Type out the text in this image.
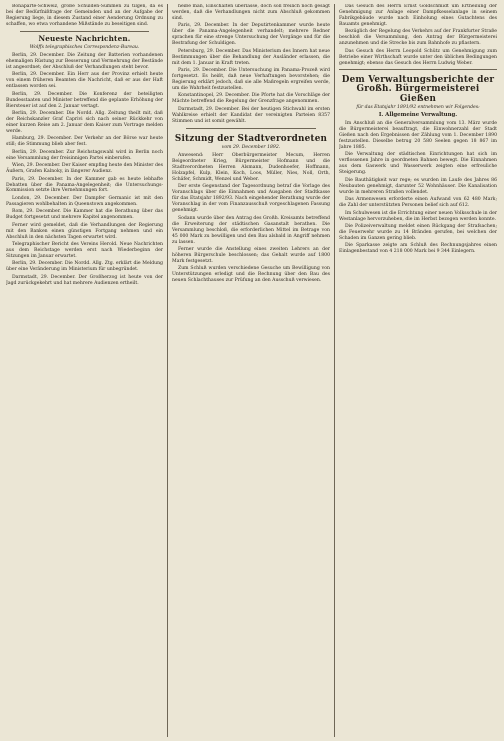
Bonaparte-Schweiz, große Schulden-Summen zu tilgen, da es bei der Bedürfnißfrage der Gemeinden und an der Aufgabe der Regierung liege, in diesem Zustand einer Aenderung Ordnung zu schaffen, wo etwa vorhandene Mißstände zu beseitigen sind.

Neueste Nachrichten.
Wolffs telegraphisches Correspondenz-Bureau.

Berlin, 29. December. Die Zeitung der Batterien vorhandenen ehemaligen Rüstung zur Besserung und Vermehrung der Bestände ist angeordnet; der Abschluß der Verhandlungen steht bevor.

Berlin, 29. December. Ein Herr aus der Provinz erhielt heute von einem früheren Beamten die Nachricht, daß er aus der Haft entlassen worden sei.

Berlin, 29. December. Die Konferenz der beteiligten Bundesstaaten und Minister betreffend die geplante Erhöhung der Biersteuer ist auf den 2. Januar vertagt.

Berlin, 29. December. Die Nordd. Allg. Zeitung theilt mit, daß der Reichskanzler Graf Caprivi sich nach seiner Rückkehr von einer kurzen Reise am 2. Januar dem Kaiser zum Vortrage melden werde.

Hamburg, 29. December. Der Verkehr an der Börse war heute still; die Stimmung blieb aber fest.

Berlin, 29. December. Zur Reichstagswahl wird in Berlin noch eine Versammlung der freisinnigen Partei einberufen.

Wien, 29. December. Der Kaiser empfing heute den Minister des Äußern, Grafen Kalnoky, in längerer Audienz.

Paris, 29. December. In der Kammer gab es heute lebhafte Debatten über die Panama-Angelegenheit; die Untersuchungs-Kommission setzte ihre Vernehmungen fort.

London, 29. December. Der Dampfer Germanic ist mit den Passagieren wohlbehalten in Queenstown angekommen.

Rom, 29. December. Die Kammer hat die Berathung über das Budget fortgesetzt und mehrere Kapitel angenommen.

Ferner wird gemeldet, daß die Verhandlungen der Regierung mit den Banken einen günstigen Fortgang nehmen und ein Abschluß in den nächsten Tagen erwartet wird.

Telegraphischer Bericht des Vereins Herold. Neue Nachrichten aus dem Reichstage werden erst nach Wiederbeginn der Sitzungen im Januar erwartet.

Berlin, 29. December. Die Nordd. Allg. Ztg. erklärt die Meldung über eine Veränderung im Ministerium für unbegründet.

Darmstadt, 29. December. Der Großherzog ist heute von der Jagd zurückgekehrt und hat mehrere Audienzen ertheilt.

heiße man, Einschalten überlasse, doch soll freilich noch gesagt werden, daß die Verhandlungen nicht zum Abschluß gekommen sind.

Paris, 29. December. In der Deputirtenkammer wurde heute über die Panama-Angelegenheit verhandelt; mehrere Redner sprachen für eine strenge Untersuchung der Vorgänge und für die Bestrafung der Schuldigen.

Petersburg, 29. December. Das Ministerium des Innern hat neue Bestimmungen über die Behandlung der Ausländer erlassen, die mit dem 1. Januar in Kraft treten.

Paris, 29. December. Die Untersuchung im Panama-Prozeß wird fortgesetzt. Es heißt, daß neue Verhaftungen bevorstehen; die Regierung erklärt jedoch, daß sie alle Maßregeln ergreifen werde, um die Wahrheit festzustellen.

Konstantinopel, 29. December. Die Pforte hat die Vorschläge der Mächte betreffend die Regelung der Grenzfrage angenommen.

Darmstadt, 29. December. Bei der heutigen Stichwahl im ersten Wahlkreise erhielt der Kandidat der vereinigten Parteien 8357 Stimmen und ist somit gewählt.

Sitzung der Stadtverordneten
vom 29. December 1892.

Anwesend: Herr Oberbürgermeister Mecum, Herren Beigeordneter Krieg, Bürgermeister Hofmann und die Stadtverordneten Herren Alsmann, Dudenhoefer, Hoffmann, Holzapfel, Kulp, Klein, Koch, Loos, Müller, Nies, Noll, Orth, Schäfer, Schmidt, Wenzel und Weber.

Der erste Gegenstand der Tagesordnung betraf die Vorlage des Voranschlags über die Einnahmen und Ausgaben der Stadtkasse für das Etatsjahr 1892/93. Nach eingehender Berathung wurde der Voranschlag in der vom Finanzausschuß vorgeschlagenen Fassung genehmigt.

Sodann wurde über den Antrag des Großh. Kreisamts betreffend die Erweiterung der städtischen Gasanstalt berathen. Die Versammlung beschloß, die erforderlichen Mittel im Betrage von 45 000 Mark zu bewilligen und den Bau alsbald in Angriff nehmen zu lassen.

Ferner wurde die Anstellung eines zweiten Lehrers an der höheren Bürgerschule beschlossen; das Gehalt wurde auf 1800 Mark festgesetzt.

Zum Schluß wurden verschiedene Gesuche um Bewilligung von Unterstützungen erledigt und die Rechnung über den Bau des neuen Schlachthauses zur Prüfung an den Ausschuß verwiesen.

Das Gesuch des Herrn Ernst Goldschmidt um Ertheilung der Genehmigung zur Anlage einer Dampfkesselanlage in seinem Fabrikgebäude wurde nach Einholung eines Gutachtens des Bauamts genehmigt.

Bezüglich der Regelung des Verkehrs auf der Frankfurter Straße beschloß die Versammlung, den Antrag der Bürgermeisterei anzunehmen und die Strecke bis zum Bahnhofe zu pflastern.

Das Gesuch des Herrn Leopold Schütz um Genehmigung zum Betriebe einer Wirthschaft wurde unter den üblichen Bedingungen genehmigt; ebenso das Gesuch des Herrn Ludwig Weber.

Dem Verwaltungsberichte der Großh. Bürgermeisterei Gießen
für das Etatsjahr 1891/92 entnehmen wir Folgendes:

I. Allgemeine Verwaltung.

Im Anschluß an die Generalversammlung vom 13. März wurde die Bürgermeisterei beauftragt, die Einwohnerzahl der Stadt Gießen nach den Ergebnissen der Zählung vom 1. December 1890 festzustellen. Dieselbe betrug 20 580 Seelen gegen 18 867 im Jahre 1885.

Die Verwaltung der städtischen Einrichtungen hat sich im verflossenen Jahre in geordneten Bahnen bewegt. Die Einnahmen aus dem Gaswerk und Wasserwerk zeigten eine erfreuliche Steigerung.

Die Bauthätigkeit war rege; es wurden im Laufe des Jahres 86 Neubauten genehmigt, darunter 52 Wohnhäuser. Die Kanalisation wurde in mehreren Straßen vollendet.

Das Armenwesen erforderte einen Aufwand von 62 480 Mark; die Zahl der unterstützten Personen belief sich auf 612.

Im Schulwesen ist die Errichtung einer neuen Volksschule in der Westanlage hervorzuheben, die im Herbst bezogen werden konnte.

Die Polizeiverwaltung meldet einen Rückgang der Strafsachen; die Feuerwehr wurde zu 14 Bränden gerufen, bei welchen der Schaden im Ganzen gering blieb.

Die Sparkasse zeigte am Schluß des Rechnungsjahres einen Einlagenbestand von 4 218 000 Mark bei 9 344 Einlegern.
